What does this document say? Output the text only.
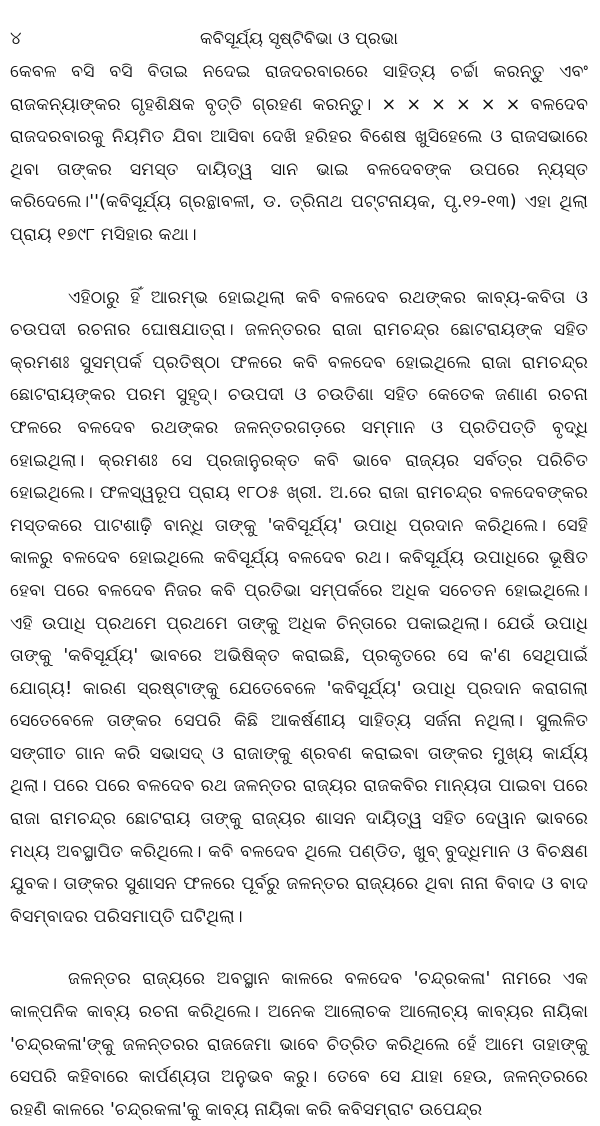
୪	କବିସୂର୍ଯ୍ୟ ସୃଷ୍ଟିବିଭା ଓ ପ୍ରଭା

କେବଳ ବସି ବସି ବିତାଇ ନଦେଇ ରାଜଦରବାରରେ ସାହିତ୍ୟ ଚର୍ଚ୍ଚା କରନ୍ତୁ ଏବଂ ରାଜକନ୍ୟାଙ୍କର ଗୃହଶିକ୍ଷକ ବୃତ୍ତି ଗ୍ରହଣ କରନ୍ତୁ। × × × × × × ବଳଦେବ ରାଜଦରବାରକୁ ନିୟମିତ ଯିବା ଆସିବା ଦେଖି ହରିହର ବିଶେଷ ଖୁସିହେଲେ ଓ ରାଜସଭାରେ ଥିବା ତାଙ୍କର ସମସ୍ତ ଦାୟିତ୍ୱ ସାନ ଭାଇ ବଳଦେବଙ୍କ ଉପରେ ନ୍ୟସ୍ତ କରିଦେଲେ।''(କବିସୂର୍ଯ୍ୟ ଗ୍ରନ୍ଥାବଳୀ, ଡ. ତ୍ରିନାଥ ପଟ୍ଟନାୟକ, ପୃ.୧୨-୧୩) ଏହା ଥିଲା ପ୍ରାୟ ୧୭୯୮ ମସିହାର କଥା।

ଏହିଠାରୁ ହିଁ ଆରମ୍ଭ ହୋଇଥିଲା କବି ବଳଦେବ ରଥଙ୍କର କାବ୍ୟ-କବିତା ଓ ଚଉପଦୀ ରଚନାର ଘୋଷଯାତ୍ରା। ଜଳନ୍ତରର ରାଜା ରାମଚନ୍ଦ୍ର ଛୋଟରାୟଙ୍କ ସହିତ କ୍ରମଶଃ ସୁସମ୍ପର୍କ ପ୍ରତିଷ୍ଠା ଫଳରେ କବି ବଳଦେବ ହୋଇଥିଲେ ରାଜା ରାମଚନ୍ଦ୍ର ଛୋଟରାୟଙ୍କର ପରମ ସୁହୃଦ୍। ଚଉପଦୀ ଓ ଚଉତିଶା ସହିତ କେତେକ ଜଣାଣ ରଚନା ଫଳରେ ବଳଦେବ ରଥଙ୍କର ଜଳନ୍ତରଗଡ଼ରେ ସମ୍ମାନ ଓ ପ୍ରତିପତ୍ତି ବୃଦ୍ଧି ହୋଇଥିଲା। କ୍ରମଶଃ ସେ ପ୍ରଜାନୁରକ୍ତ କବି ଭାବେ ରାଜ୍ୟର ସର୍ବତ୍ର ପରିଚିତ ହୋଇଥିଲେ। ଫଳସ୍ୱରୂପ ପ୍ରାୟ ୧୮୦୫ ଖ୍ରୀ. ଅ.ରେ ରାଜା ରାମଚନ୍ଦ୍ର ବଳଦେବଙ୍କର ମସ୍ତକରେ ପାଟଶାଢ଼ି ବାନ୍ଧି ତାଙ୍କୁ 'କବିସୂର୍ଯ୍ୟ' ଉପାଧି ପ୍ରଦାନ କରିଥିଲେ। ସେହି କାଳରୁ ବଳଦେବ ହୋଇଥିଲେ କବିସୂର୍ଯ୍ୟ ବଳଦେବ ରଥ। କବିସୂର୍ଯ୍ୟ ଉପାଧିରେ ଭୂଷିତ ହେବା ପରେ ବଳଦେବ ନିଜର କବି ପ୍ରତିଭା ସମ୍ପର୍କରେ ଅଧିକ ସଚେତନ ହୋଇଥିଲେ। ଏହି ଉପାଧି ପ୍ରଥମେ ପ୍ରଥମେ ତାଙ୍କୁ ଅଧିକ ଚିନ୍ତାରେ ପକାଇଥିଲା। ଯେଉଁ ଉପାଧି ତାଙ୍କୁ 'କବିସୂର୍ଯ୍ୟ' ଭାବରେ ଅଭିଷିକ୍ତ କରାଇଛି, ପ୍ରକୃତରେ ସେ କ'ଣ ସେଥିପାଇଁ ଯୋଗ୍ୟ! କାରଣ ସ୍ରଷ୍ଟାଙ୍କୁ ଯେତେବେଳେ 'କବିସୂର୍ଯ୍ୟ' ଉପାଧି ପ୍ରଦାନ କରାଗଲା ସେତେବେଳେ ତାଙ୍କର ସେପରି କିଛି ଆକର୍ଷଣୀୟ ସାହିତ୍ୟ ସର୍ଜନା ନଥିଲା। ସୁଲଳିତ ସଙ୍ଗୀତ ଗାନ କରି ସଭାସଦ୍ ଓ ରାଜାଙ୍କୁ ଶ୍ରବଣ କରାଇବା ତାଙ୍କର ମୁଖ୍ୟ କାର୍ଯ୍ୟ ଥିଲା। ପରେ ପରେ ବଳଦେବ ରଥ ଜଳନ୍ତର ରାଜ୍ୟର ରାଜକବିର ମାନ୍ୟତା ପାଇବା ପରେ ରାଜା ରାମଚନ୍ଦ୍ର ଛୋଟରାୟ ତାଙ୍କୁ ରାଜ୍ୟର ଶାସନ ଦାୟିତ୍ୱ ସହିତ ଦେୱାନ ଭାବରେ ମଧ୍ୟ ଅବସ୍ଥାପିତ କରିଥିଲେ। କବି ବଳଦେବ ଥିଲେ ପଣ୍ଡିତ, ଖୁବ୍ ବୁଦ୍ଧିମାନ ଓ ବିଚକ୍ଷଣ ଯୁବକ। ତାଙ୍କର ସୁଶାସନ ଫଳରେ ପୂର୍ବରୁ ଜଳନ୍ତର ରାଜ୍ୟରେ ଥିବା ନାନା ବିବାଦ ଓ ବାଦ ବିସମ୍ବାଦର ପରିସମାପ୍ତି ଘଟିଥିଲା।

ଜଳନ୍ତର ରାଜ୍ୟରେ ଅବସ୍ଥାନ କାଳରେ ବଳଦେବ 'ଚନ୍ଦ୍ରକଳା' ନାମରେ ଏକ କାଳ୍ପନିକ କାବ୍ୟ ରଚନା କରିଥିଲେ। ଅନେକ ଆଲୋଚକ ଆଲୋଚ୍ୟ କାବ୍ୟର ନାୟିକା 'ଚନ୍ଦ୍ରକଳା'ଙ୍କୁ ଜଳନ୍ତରର ରାଜଜେମା ଭାବେ ଚିତ୍ରିତ କରିଥିଲେ ହେଁ ଆମେ ତାହାଙ୍କୁ ସେପରି କହିବାରେ କାର୍ପଣ୍ୟତା ଅନୁଭବ କରୁ। ତେବେ ସେ ଯାହା ହେଉ, ଜଳନ୍ତରରେ ରହଣି କାଳରେ 'ଚନ୍ଦ୍ରକଳା'କୁ କାବ୍ୟ ନାୟିକା କରି କବିସମ୍ରାଟ ଉପେନ୍ଦ୍ର
